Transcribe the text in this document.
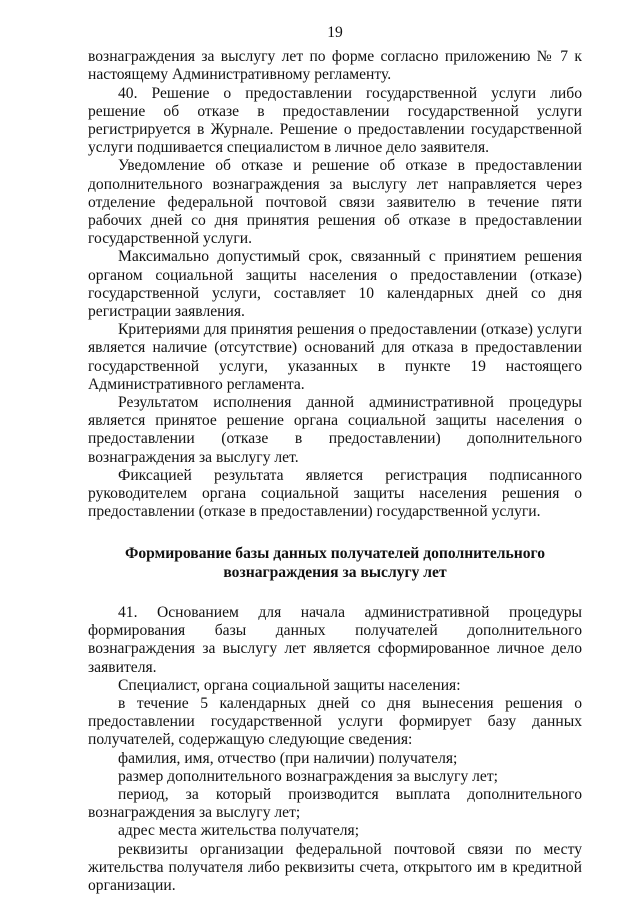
19

вознаграждения за выслугу лет по форме согласно приложению № 7 к настоящему Административному регламенту.

40. Решение о предоставлении государственной услуги либо решение об отказе в предоставлении государственной услуги регистрируется в Журнале. Решение о предоставлении государственной услуги подшивается специалистом в личное дело заявителя.

Уведомление об отказе и решение об отказе в предоставлении дополнительного вознаграждения за выслугу лет направляется через отделение федеральной почтовой связи заявителю в течение пяти рабочих дней со дня принятия решения об отказе в предоставлении государственной услуги.

Максимально допустимый срок, связанный с принятием решения органом социальной защиты населения о предоставлении (отказе) государственной услуги, составляет 10 календарных дней со дня регистрации заявления.

Критериями для принятия решения о предоставлении (отказе) услуги является наличие (отсутствие) оснований для отказа в предоставлении государственной услуги, указанных в пункте 19 настоящего Административного регламента.

Результатом исполнения данной административной процедуры является принятое решение органа социальной защиты населения о предоставлении (отказе в предоставлении) дополнительного вознаграждения за выслугу лет.

Фиксацией результата является регистрация подписанного руководителем органа социальной защиты населения решения о предоставлении (отказе в предоставлении) государственной услуги.

Формирование базы данных получателей дополнительного
вознаграждения за выслугу лет

41. Основанием для начала административной процедуры формирования базы данных получателей дополнительного вознаграждения за выслугу лет является сформированное личное дело заявителя.

Специалист, органа социальной защиты населения:

в течение 5 календарных дней со дня вынесения решения о предоставлении государственной услуги формирует базу данных получателей, содержащую следующие сведения:

фамилия, имя, отчество (при наличии) получателя;

размер дополнительного вознаграждения за выслугу лет;

период, за который производится выплата дополнительного вознаграждения за выслугу лет;

адрес места жительства получателя;

реквизиты организации федеральной почтовой связи по месту жительства получателя либо реквизиты счета, открытого им в кредитной организации.
